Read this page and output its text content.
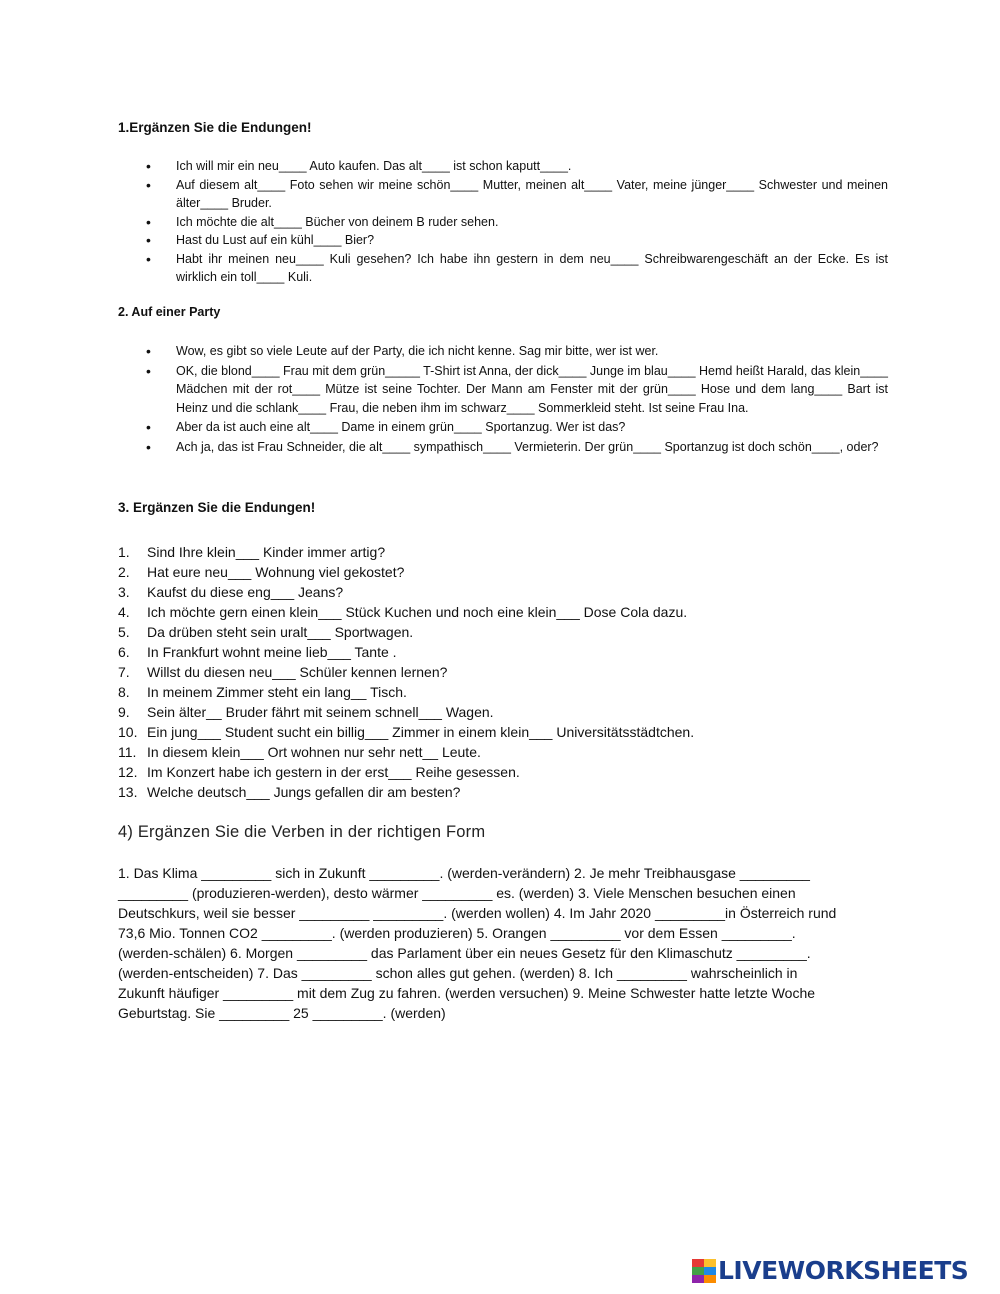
1.Ergänzen Sie die Endungen!
• Ich will mir ein neu____ Auto kaufen. Das alt____ ist schon kaputt____.
• Auf diesem alt____ Foto sehen wir meine schön____ Mutter, meinen alt____ Vater, meine jünger____ Schwester und meinen älter____ Bruder.
• Ich möchte die alt____ Bücher von deinem B ruder sehen.
• Hast du Lust auf ein kühl____ Bier?
• Habt ihr meinen neu____ Kuli gesehen? Ich habe ihn gestern in dem neu____ Schreibwarengeschäft an der Ecke. Es ist wirklich ein toll____ Kuli.
2. Auf einer Party
• Wow, es gibt so viele Leute auf der Party, die ich nicht kenne. Sag mir bitte, wer ist wer.
• OK, die blond____ Frau mit dem grün_____ T-Shirt ist Anna, der dick____ Junge im blau____ Hemd heißt Harald, das klein____ Mädchen mit der rot____ Mütze ist seine Tochter. Der Mann am Fenster mit der grün____ Hose und dem lang____ Bart ist Heinz und die schlank____ Frau, die neben ihm im schwarz____ Sommerkleid steht. Ist seine Frau Ina.
• Aber da ist auch eine alt____ Dame in einem grün____ Sportanzug. Wer ist das?
• Ach ja, das ist Frau Schneider, die alt____ sympathisch____ Vermieterin. Der grün____ Sportanzug ist doch schön____, oder?
3. Ergänzen Sie die Endungen!
1. Sind Ihre klein___ Kinder immer artig?
2. Hat eure neu___ Wohnung viel gekostet?
3. Kaufst du diese eng___ Jeans?
4. Ich möchte gern einen klein___ Stück Kuchen und noch eine klein___ Dose Cola dazu.
5. Da drüben steht sein uralt___ Sportwagen.
6. In Frankfurt wohnt meine lieb___ Tante .
7. Willst du diesen neu___ Schüler kennen lernen?
8. In meinem Zimmer steht ein lang__ Tisch.
9. Sein älter__ Bruder fährt mit seinem schnell___ Wagen.
10. Ein jung___ Student sucht ein billig___ Zimmer in einem klein___ Universitätsstädtchen.
11. In diesem klein___ Ort wohnen nur sehr nett__ Leute.
12. Im Konzert habe ich gestern in der erst___ Reihe gesessen.
13. Welche deutsch___ Jungs gefallen dir am besten?
4) Ergänzen Sie die Verben in der richtigen Form
1. Das Klima _________ sich in Zukunft _________. (werden-verändern) 2. Je mehr Treibhausgase _________
_________ (produzieren-werden), desto wärmer _________ es. (werden) 3. Viele Menschen besuchen einen
Deutschkurs, weil sie besser _________ _________. (werden wollen) 4. Im Jahr 2020 _________in Österreich rund
73,6 Mio. Tonnen CO2 _________. (werden produzieren) 5. Orangen _________ vor dem Essen _________.
(werden-schälen) 6. Morgen _________ das Parlament über ein neues Gesetz für den Klimaschutz _________.
(werden-entscheiden) 7. Das _________ schon alles gut gehen. (werden) 8. Ich _________ wahrscheinlich in
Zukunft häufiger _________ mit dem Zug zu fahren. (werden versuchen) 9. Meine Schwester hatte letzte Woche
Geburtstag. Sie _________ 25 _________. (werden)
LIVEWORKSHEETS
